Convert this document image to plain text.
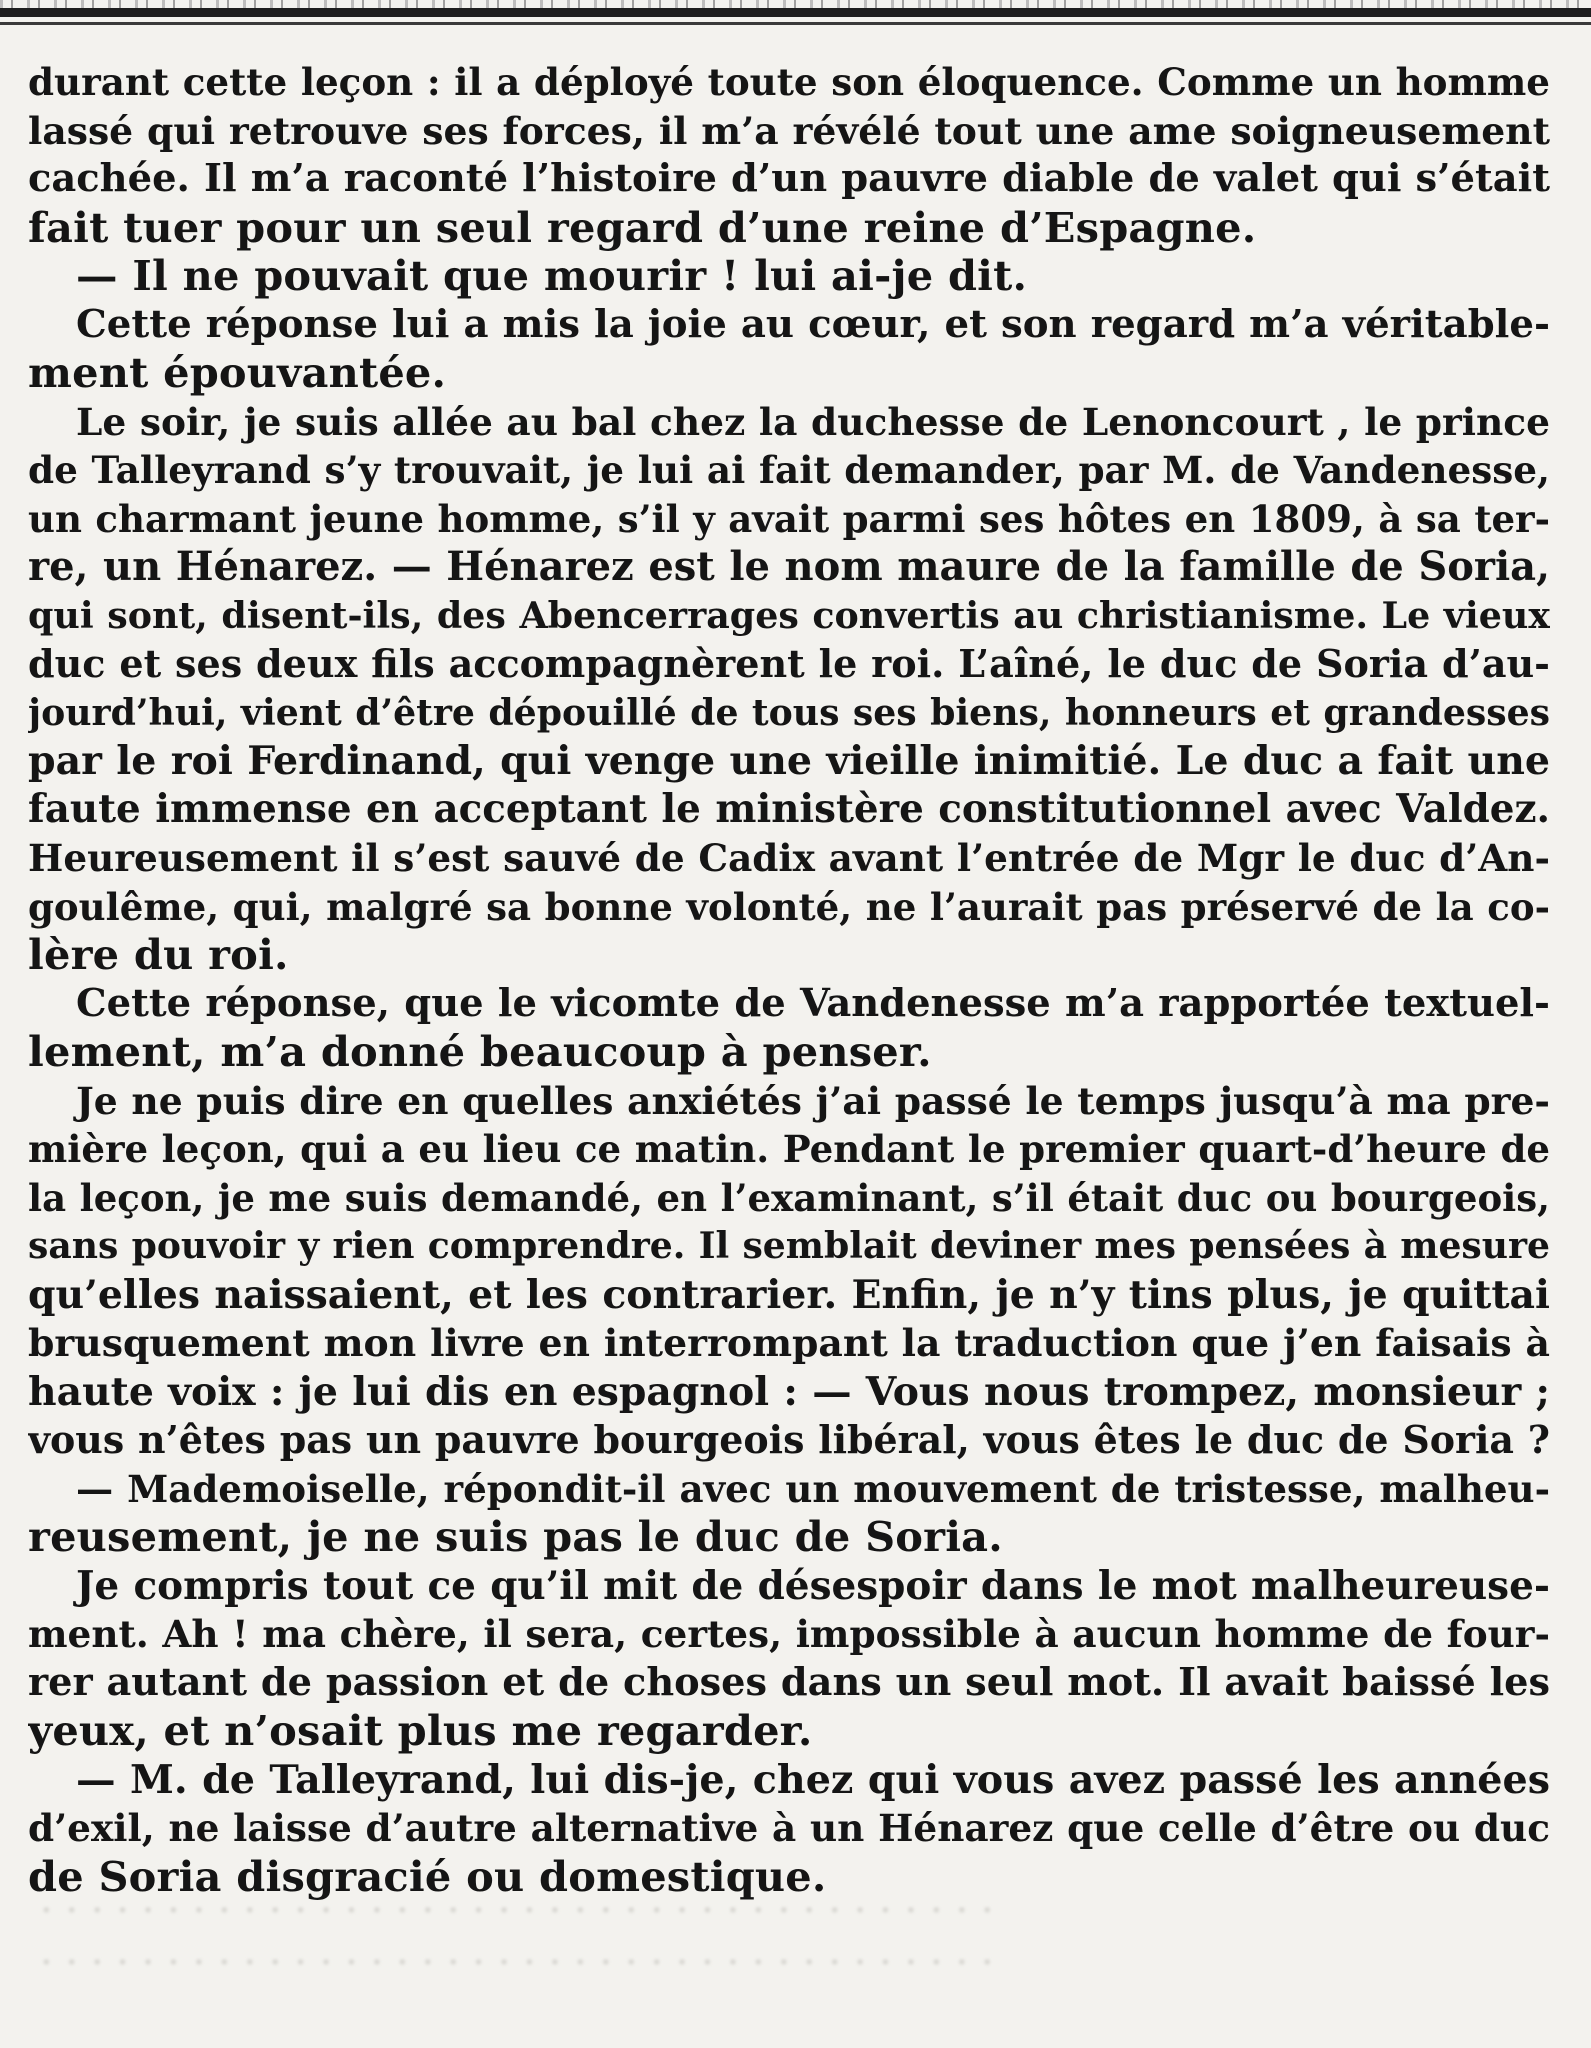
durant cette leçon : il a déployé toute son éloquence. Comme un homme
lassé qui retrouve ses forces, il m’a révélé tout une ame soigneusement
cachée. Il m’a raconté l’histoire d’un pauvre diable de valet qui s’était
fait tuer pour un seul regard d’une reine d’Espagne.
— Il ne pouvait que mourir ! lui ai-je dit.
Cette réponse lui a mis la joie au cœur, et son regard m’a véritable-
ment épouvantée.
Le soir, je suis allée au bal chez la duchesse de Lenoncourt , le prince
de Talleyrand s’y trouvait, je lui ai fait demander, par M. de Vandenesse,
un charmant jeune homme, s’il y avait parmi ses hôtes en 1809, à sa ter-
re, un Hénarez. — Hénarez est le nom maure de la famille de Soria,
qui sont, disent-ils, des Abencerrages convertis au christianisme. Le vieux
duc et ses deux fils accompagnèrent le roi. L’aîné, le duc de Soria d’au-
jourd’hui, vient d’être dépouillé de tous ses biens, honneurs et grandesses
par le roi Ferdinand, qui venge une vieille inimitié. Le duc a fait une
faute immense en acceptant le ministère constitutionnel avec Valdez.
Heureusement il s’est sauvé de Cadix avant l’entrée de Mgr le duc d’An-
goulême, qui, malgré sa bonne volonté, ne l’aurait pas préservé de la co-
lère du roi.
Cette réponse, que le vicomte de Vandenesse m’a rapportée textuel-
lement, m’a donné beaucoup à penser.
Je ne puis dire en quelles anxiétés j’ai passé le temps jusqu’à ma pre-
mière leçon, qui a eu lieu ce matin. Pendant le premier quart-d’heure de
la leçon, je me suis demandé, en l’examinant, s’il était duc ou bourgeois,
sans pouvoir y rien comprendre. Il semblait deviner mes pensées à mesure
qu’elles naissaient, et les contrarier. Enfin, je n’y tins plus, je quittai
brusquement mon livre en interrompant la traduction que j’en faisais à
haute voix : je lui dis en espagnol : — Vous nous trompez, monsieur ;
vous n’êtes pas un pauvre bourgeois libéral, vous êtes le duc de Soria ?
— Mademoiselle, répondit-il avec un mouvement de tristesse, malheu-
reusement, je ne suis pas le duc de Soria.
Je compris tout ce qu’il mit de désespoir dans le mot malheureuse-
ment. Ah ! ma chère, il sera, certes, impossible à aucun homme de four-
rer autant de passion et de choses dans un seul mot. Il avait baissé les
yeux, et n’osait plus me regarder.
— M. de Talleyrand, lui dis-je, chez qui vous avez passé les années
d’exil, ne laisse d’autre alternative à un Hénarez que celle d’être ou duc
de Soria disgracié ou domestique.
· · · · · · · · · · · · · · · · · · · · · · · · · · · · · · · · · · · · · ·
· · · · · · · · · · · · · · · · · · · · · · · · · · · · · · · · · · · · · ·
